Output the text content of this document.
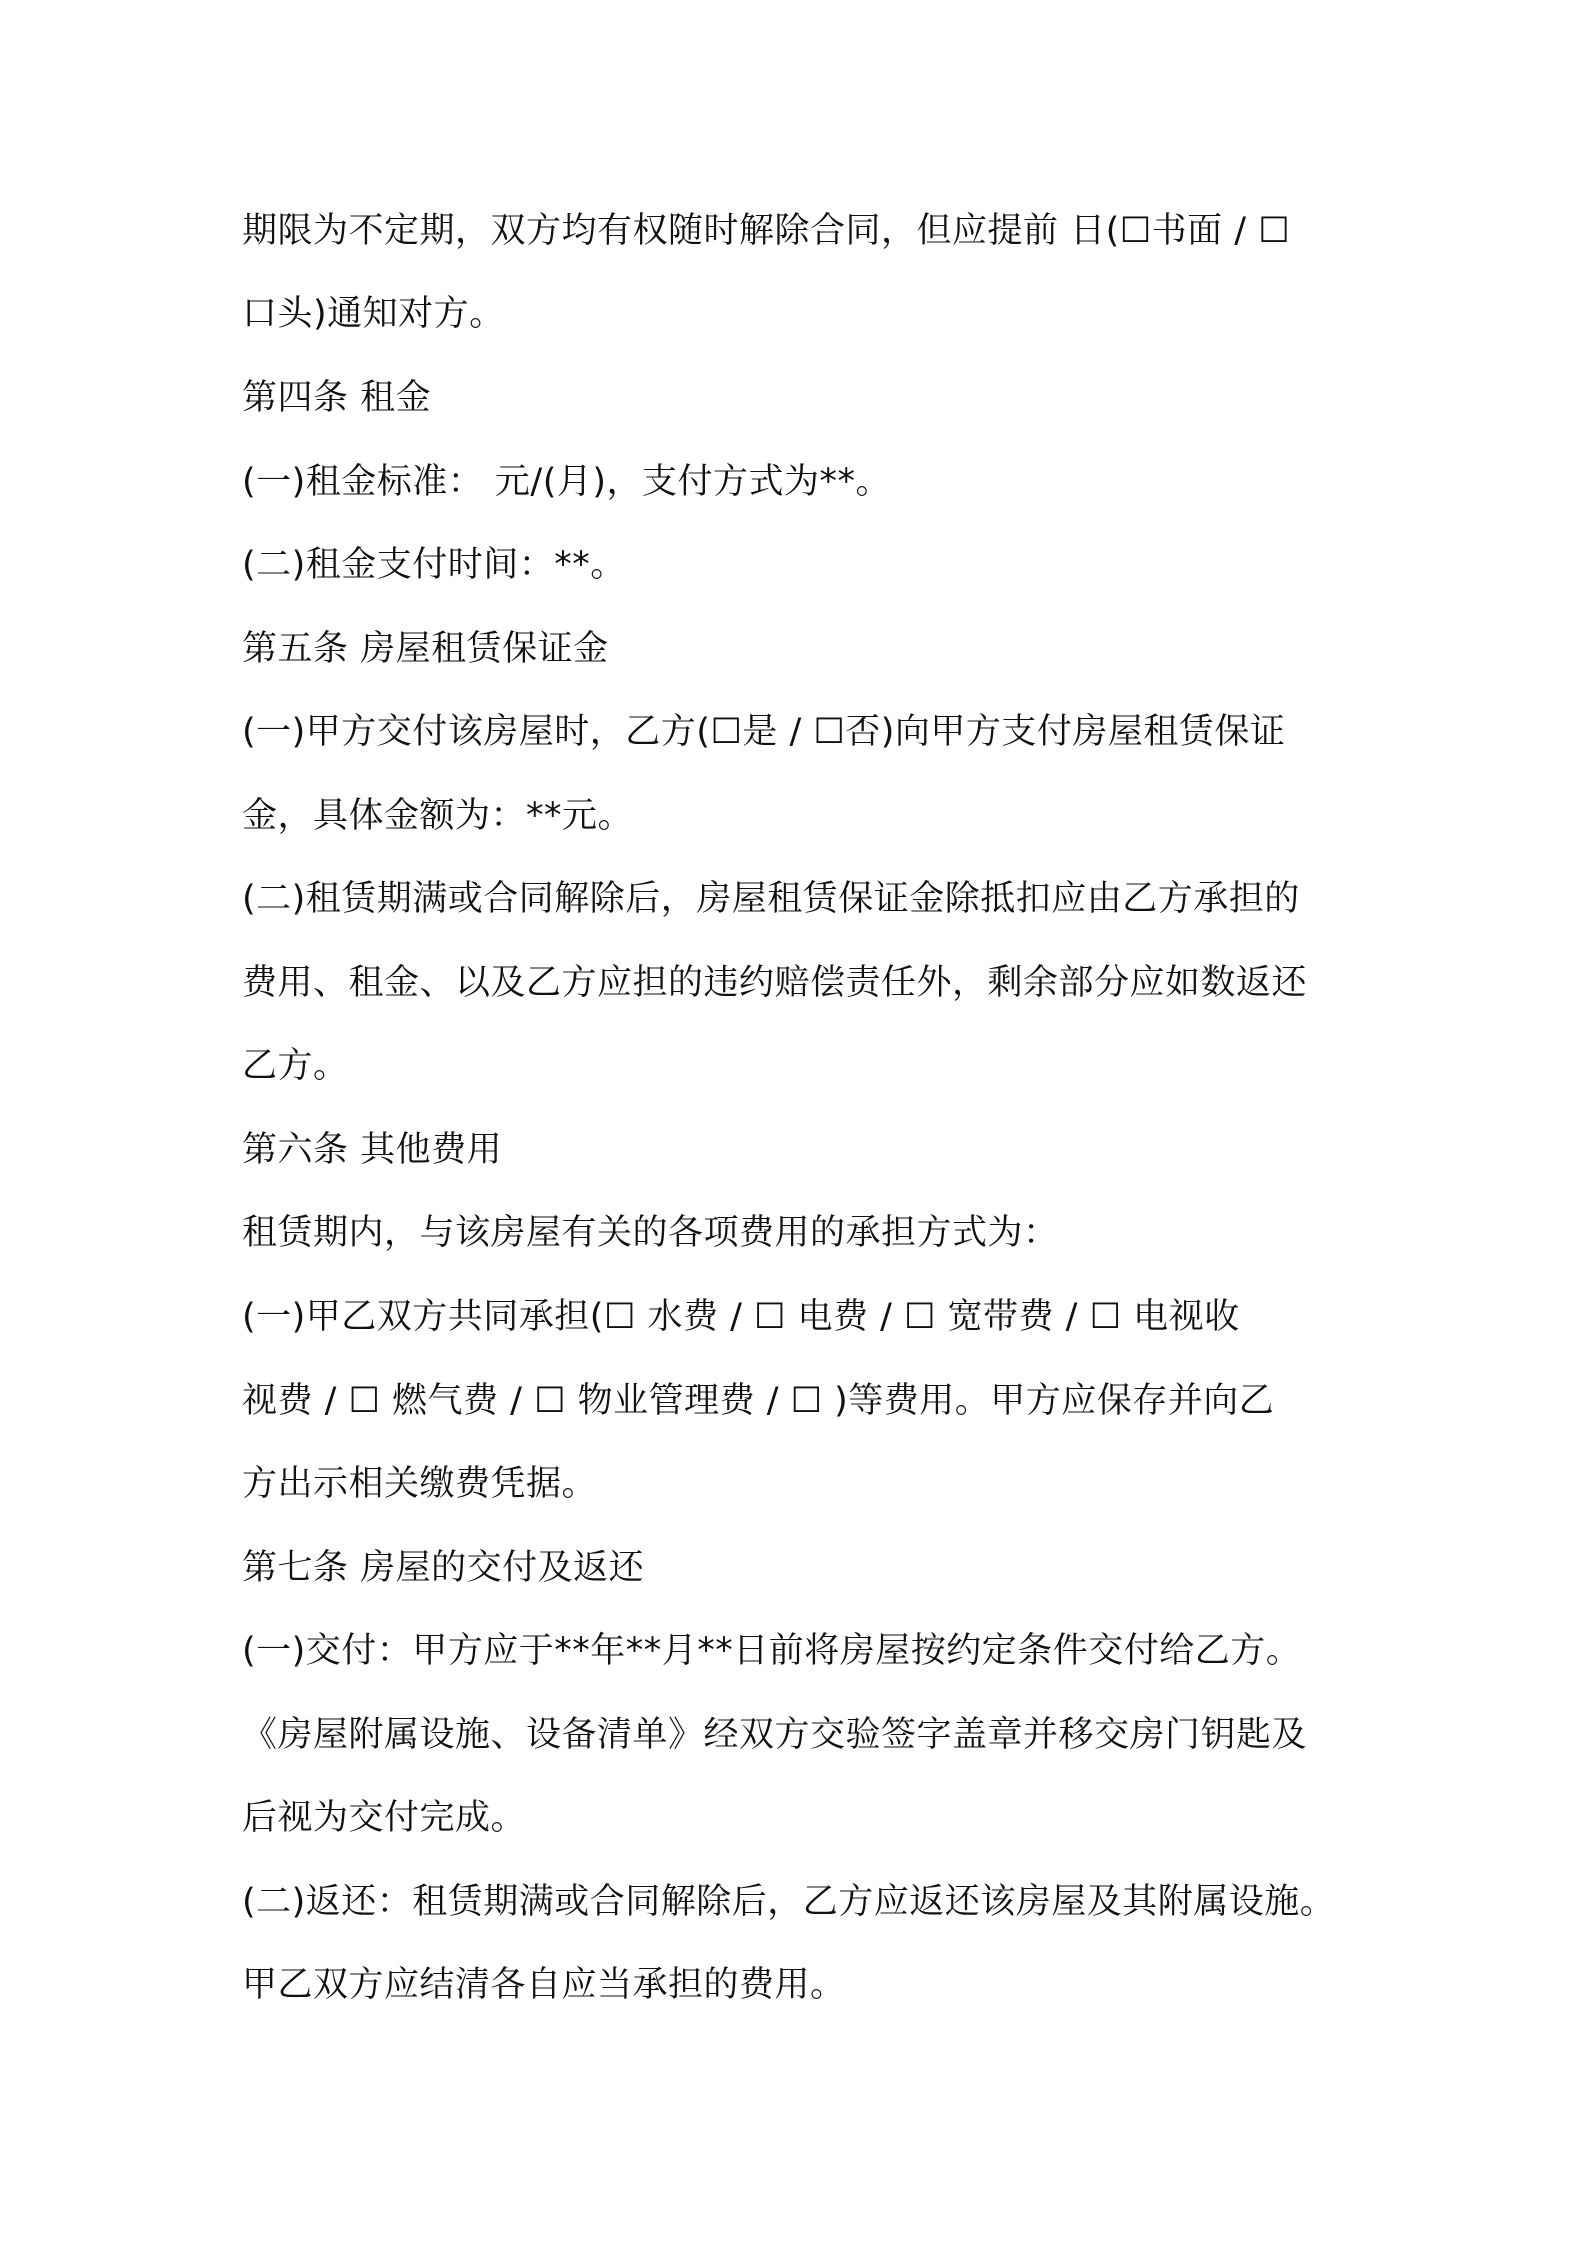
期限为不定期，双方均有权随时解除合同，但应提前 日(☐书面 / ☐
口头)通知对方。
第四条 租金
(一)租金标准： 元/(月)，支付方式为**。
(二)租金支付时间：**。
第五条 房屋租赁保证金
(一)甲方交付该房屋时，乙方(☐是 / ☐否)向甲方支付房屋租赁保证
金，具体金额为：**元。
(二)租赁期满或合同解除后，房屋租赁保证金除抵扣应由乙方承担的
费用、租金、以及乙方应担的违约赔偿责任外，剩余部分应如数返还
乙方。
第六条 其他费用
租赁期内，与该房屋有关的各项费用的承担方式为：
(一)甲乙双方共同承担(☐ 水费 / ☐ 电费 / ☐ 宽带费 / ☐ 电视收
视费 / ☐ 燃气费 / ☐ 物业管理费 / ☐ )等费用。甲方应保存并向乙
方出示相关缴费凭据。
第七条 房屋的交付及返还
(一)交付：甲方应于**年**月**日前将房屋按约定条件交付给乙方。
《房屋附属设施、设备清单》经双方交验签字盖章并移交房门钥匙及
后视为交付完成。
(二)返还：租赁期满或合同解除后，乙方应返还该房屋及其附属设施。
甲乙双方应结清各自应当承担的费用。
